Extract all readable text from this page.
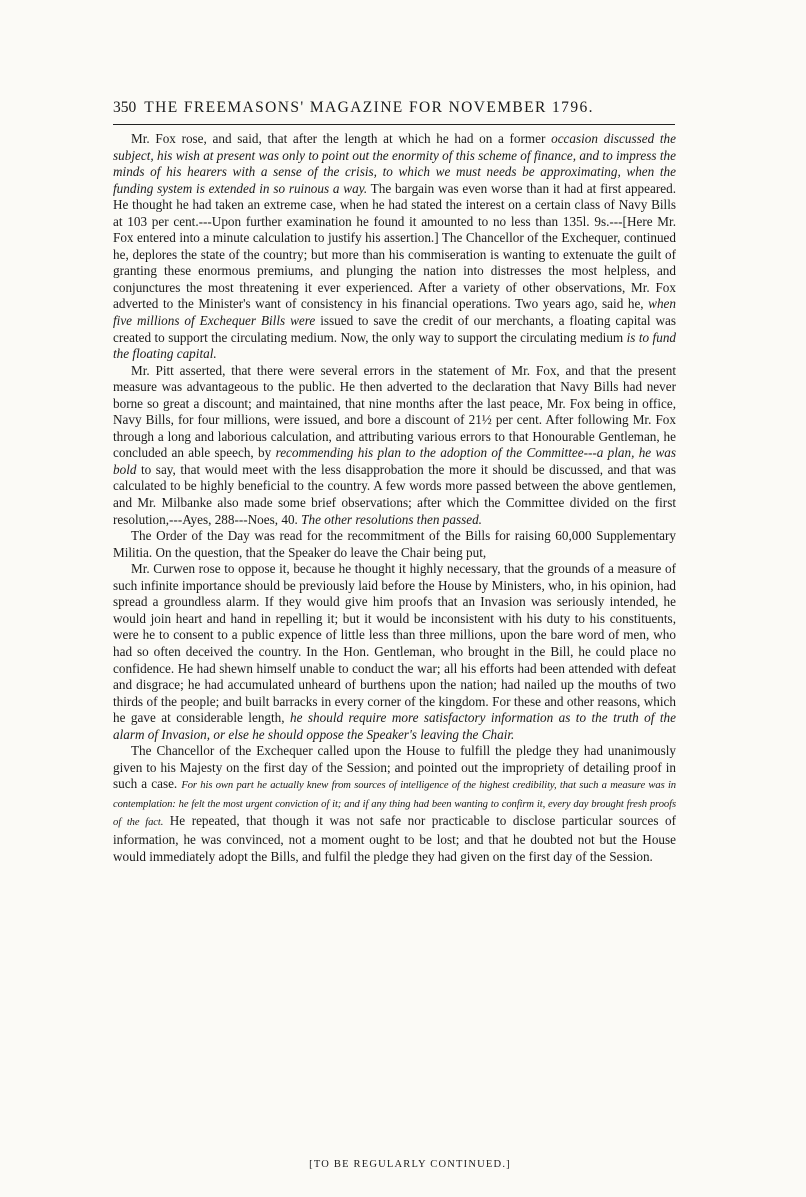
350 THE FREEMASONS' MAGAZINE FOR NOVEMBER 1796.

Mr. Fox rose, and said, that after the length at which he had on a former occasion discussed the subject, his wish at present was only to point out the enormity of this scheme of finance, and to impress the minds of his hearers with a sense of the crisis, to which we must needs be approximating, when the funding system is extended in so ruinous a way. The bargain was even worse than it had at first appeared. He thought he had taken an extreme case, when he had stated the interest on a certain class of Navy Bills at 103 per cent.---Upon further examination he found it amounted to no less than 135l. 9s.---[Here Mr. Fox entered into a minute calculation to justify his assertion.] The Chancellor of the Exchequer, continued he, deplores the state of the country; but more than his commiseration is wanting to extenuate the guilt of granting these enormous premiums, and plunging the nation into distresses the most helpless, and conjunctures the most threatening it ever experienced. After a variety of other observations, Mr. Fox adverted to the Minister's want of consistency in his financial operations. Two years ago, said he, when five millions of Exchequer Bills were issued to save the credit of our merchants, a floating capital was created to support the circulating medium. Now, the only way to support the circulating medium is to fund the floating capital.

Mr. Pitt asserted, that there were several errors in the statement of Mr. Fox, and that the present measure was advantageous to the public. He then adverted to the declaration that Navy Bills had never borne so great a discount; and maintained, that nine months after the last peace, Mr. Fox being in office, Navy Bills, for four millions, were issued, and bore a discount of 21½ per cent. After following Mr. Fox through a long and laborious calculation, and attributing various errors to that Honourable Gentleman, he concluded an able speech, by recommending his plan to the adoption of the Committee---a plan, he was bold to say, that would meet with the less disapprobation the more it should be discussed, and that was calculated to be highly beneficial to the country. A few words more passed between the above gentlemen, and Mr. Milbanke also made some brief observations; after which the Committee divided on the first resolution,---Ayes, 288---Noes, 40. The other resolutions then passed.

The Order of the Day was read for the recommitment of the Bills for raising 60,000 Supplementary Militia. On the question, that the Speaker do leave the Chair being put,

Mr. Curwen rose to oppose it, because he thought it highly necessary, that the grounds of a measure of such infinite importance should be previously laid before the House by Ministers, who, in his opinion, had spread a groundless alarm. If they would give him proofs that an Invasion was seriously intended, he would join heart and hand in repelling it; but it would be inconsistent with his duty to his constituents, were he to consent to a public expence of little less than three millions, upon the bare word of men, who had so often deceived the country. In the Hon. Gentleman, who brought in the Bill, he could place no confidence. He had shewn himself unable to conduct the war; all his efforts had been attended with defeat and disgrace; he had accumulated unheard of burthens upon the nation; had nailed up the mouths of two thirds of the people; and built barracks in every corner of the kingdom. For these and other reasons, which he gave at considerable length, he should require more satisfactory information as to the truth of the alarm of Invasion, or else he should oppose the Speaker's leaving the Chair.

The Chancellor of the Exchequer called upon the House to fulfill the pledge they had unanimously given to his Majesty on the first day of the Session; and pointed out the impropriety of detailing proof in such a case. For his own part he actually knew from sources of intelligence of the highest credibility, that such a measure was in contemplation: he felt the most urgent conviction of it; and if any thing had been wanting to confirm it, every day brought fresh proofs of the fact. He repeated, that though it was not safe nor practicable to disclose particular sources of information, he was convinced, not a moment ought to be lost; and that he doubted not but the House would immediately adopt the Bills, and fulfil the pledge they had given on the first day of the Session.

[TO BE REGULARLY CONTINUED.]
